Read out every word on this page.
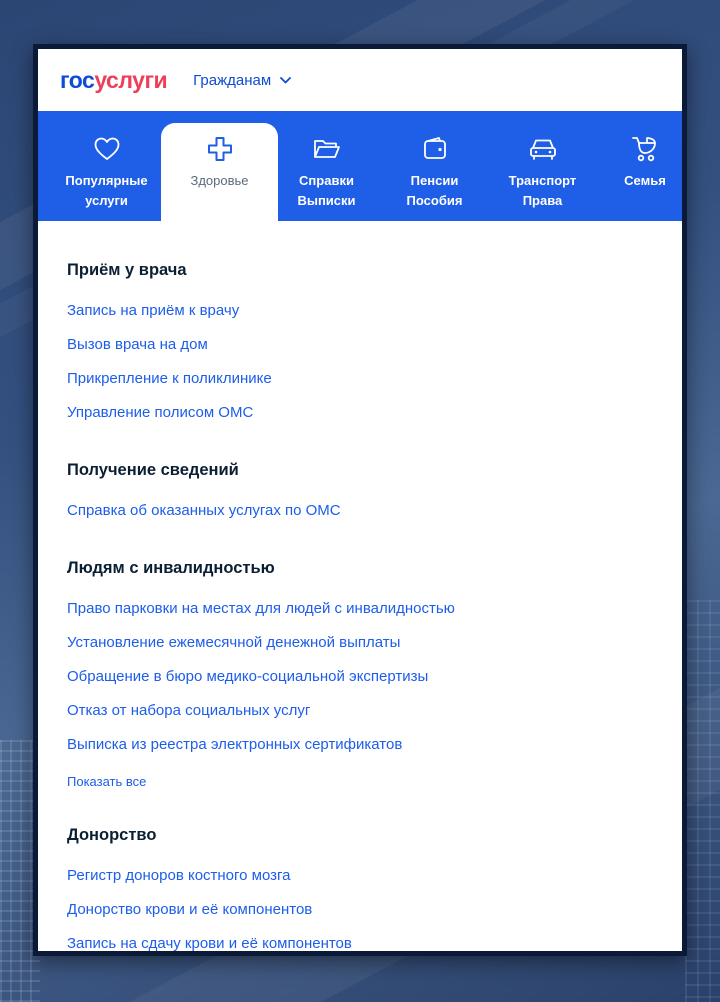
гос услуги Гражданам
Популярные
услуги
Здоровье	Справки
Выписки
Пенсии
Пособия
Транспорт
Права
Семья
Приём у врача
Запись на приём к врачу
Вызов врача на дом
Прикрепление к поликлинике
Управление полисом ОМС
Получение сведений
Справка об оказанных услугах по ОМС
Людям с инвалидностью
Право парковки на местах для людей с инвалидностью
Установление ежемесячной денежной выплаты
Обращение в бюро медико-социальной экспертизы
Отказ от набора социальных услуг
Выписка из реестра электронных сертификатов
Показать все
Донорство
Регистр доноров костного мозга
Донорство крови и её компонентов
Запись на сдачу крови и её компонентов
